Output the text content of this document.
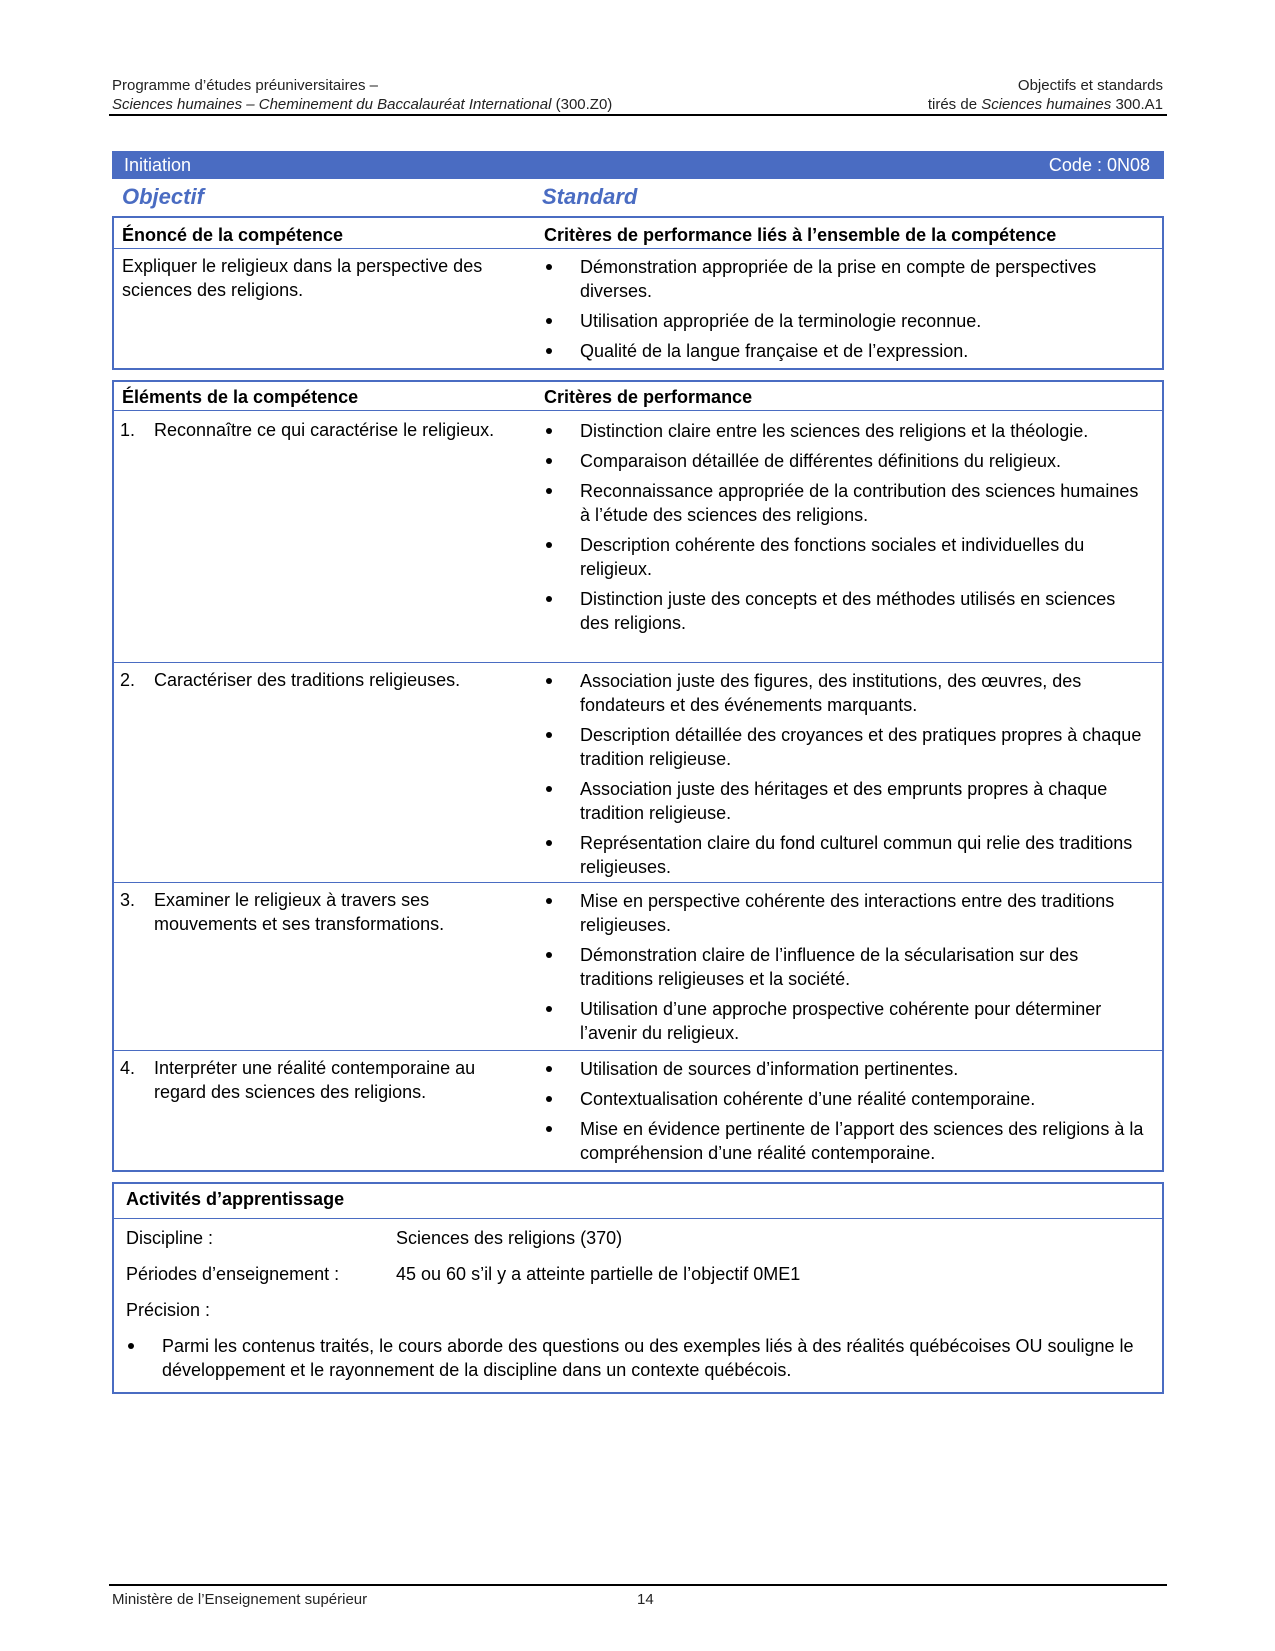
Programme d’études préuniversitaires –
Sciences humaines – Cheminement du Baccalauréat International (300.Z0)
Objectifs et standards
tirés de Sciences humaines 300.A1
Initiation	Code : 0N08
Objectif	Standard
Énoncé de la compétence	Critères de performance liés à l’ensemble de la compétence
Expliquer le religieux dans la perspective des sciences des religions.
Démonstration appropriée de la prise en compte de perspectives diverses.
Utilisation appropriée de la terminologie reconnue.
Qualité de la langue française et de l’expression.
Éléments de la compétence	Critères de performance
1.	Reconnaître ce qui caractérise le religieux.	Distinction claire entre les sciences des religions et la théologie.
Comparaison détaillée de différentes définitions du religieux.
Reconnaissance appropriée de la contribution des sciences humaines à l’étude des sciences des religions.
Description cohérente des fonctions sociales et individuelles du religieux.
Distinction juste des concepts et des méthodes utilisés en sciences des religions.
2.	Caractériser des traditions religieuses.	Association juste des figures, des institutions, des œuvres, des fondateurs et des événements marquants.
Description détaillée des croyances et des pratiques propres à chaque tradition religieuse.
Association juste des héritages et des emprunts propres à chaque tradition religieuse.
Représentation claire du fond culturel commun qui relie des traditions religieuses.
3.	Examiner le religieux à travers ses mouvements et ses transformations.
Mise en perspective cohérente des interactions entre des traditions religieuses.
Démonstration claire de l’influence de la sécularisation sur des traditions religieuses et la société.
Utilisation d’une approche prospective cohérente pour déterminer l’avenir du religieux.
4.	Interpréter une réalité contemporaine au regard des sciences des religions.
Utilisation de sources d’information pertinentes.
Contextualisation cohérente d’une réalité contemporaine.
Mise en évidence pertinente de l’apport des sciences des religions à la compréhension d’une réalité contemporaine.
Activités d’apprentissage
Discipline :	Sciences des religions (370)
Périodes d’enseignement :	45 ou 60 s’il y a atteinte partielle de l’objectif 0ME1
Précision :
Parmi les contenus traités, le cours aborde des questions ou des exemples liés à des réalités québécoises OU souligne le développement et le rayonnement de la discipline dans un contexte québécois.
Ministère de l’Enseignement supérieur	14
